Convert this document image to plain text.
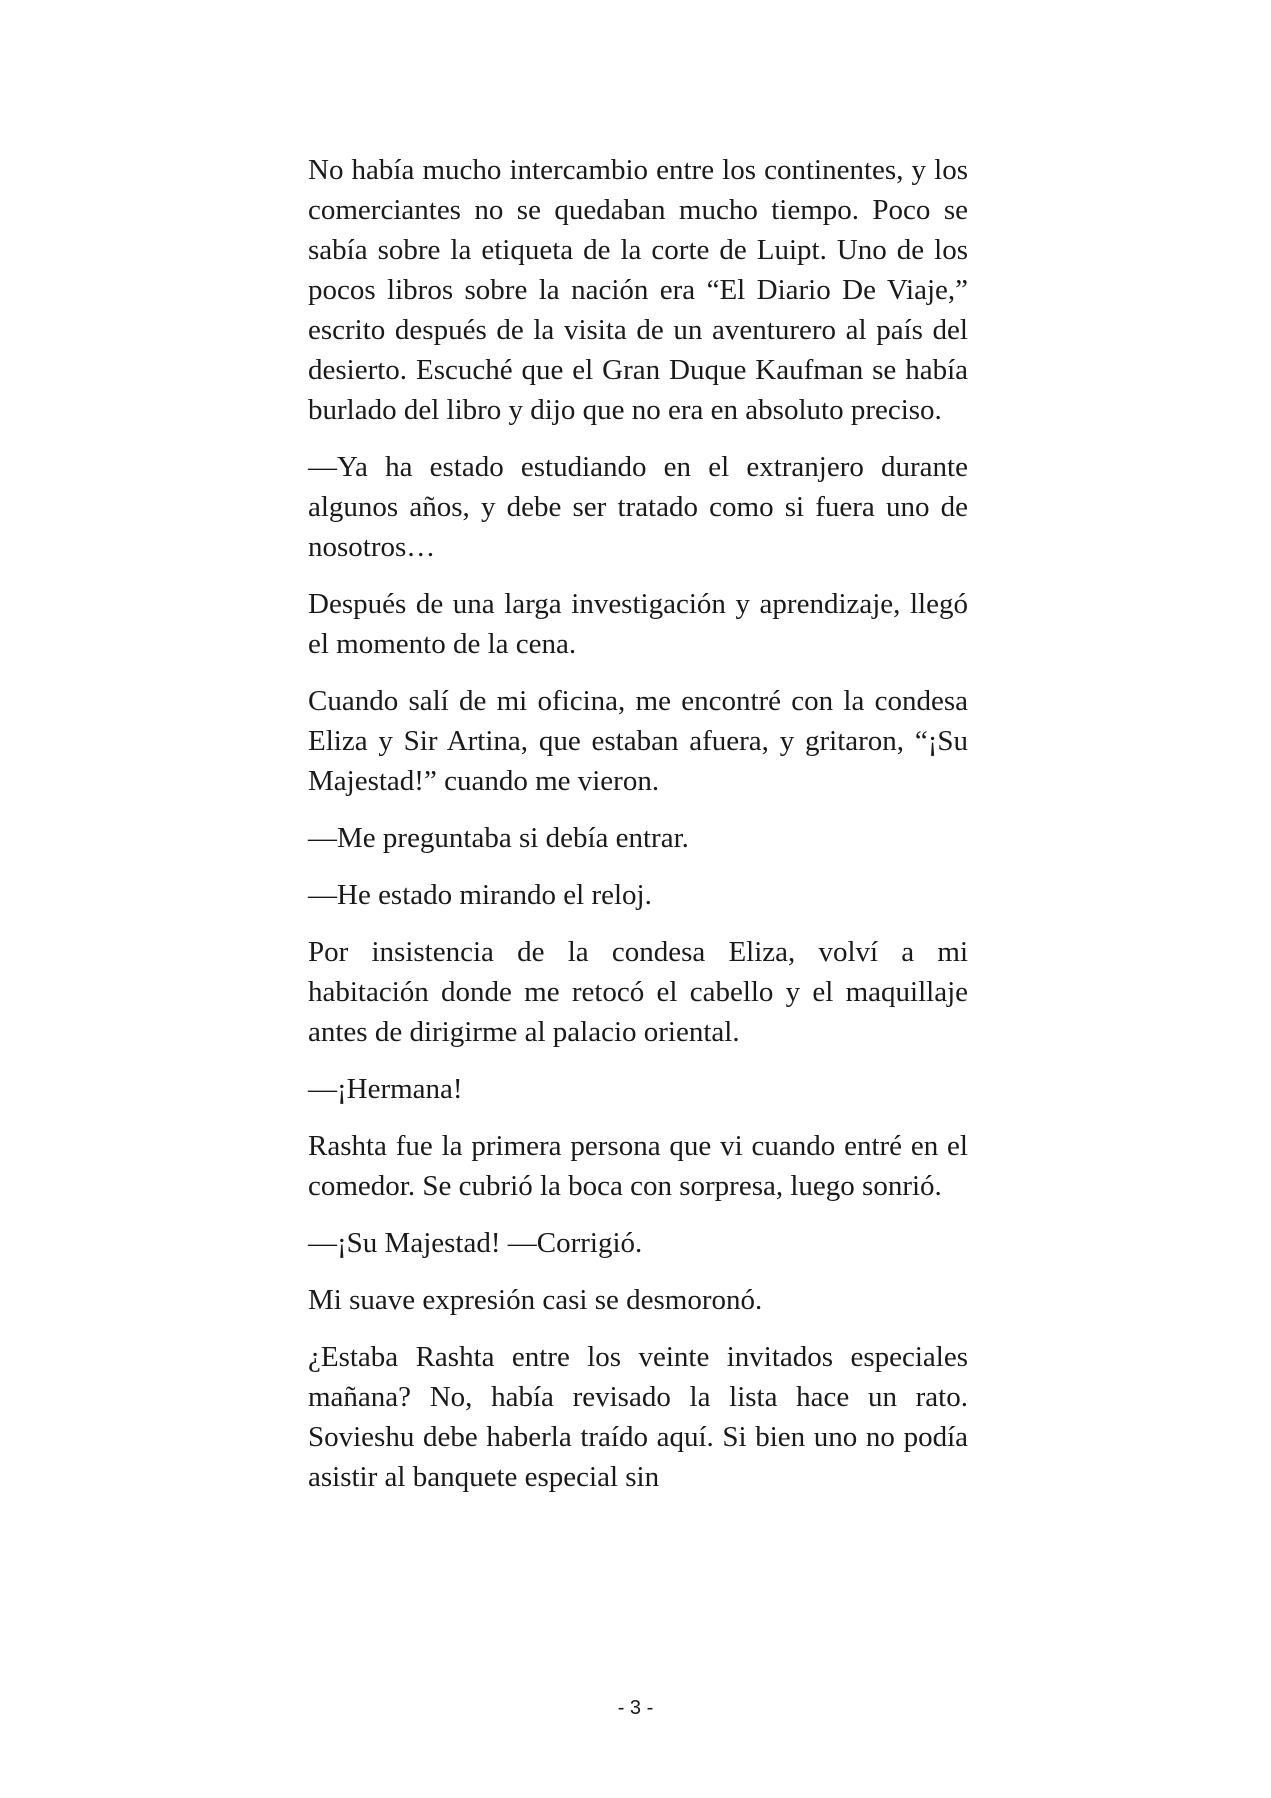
No había mucho intercambio entre los continentes, y los comerciantes no se quedaban mucho tiempo. Poco se sabía sobre la etiqueta de la corte de Luipt. Uno de los pocos libros sobre la nación era “El Diario De Viaje,” escrito después de la visita de un aventurero al país del desierto. Escuché que el Gran Duque Kaufman se había burlado del libro y dijo que no era en absoluto preciso.

—Ya ha estado estudiando en el extranjero durante algunos años, y debe ser tratado como si fuera uno de nosotros…

Después de una larga investigación y aprendizaje, llegó el momento de la cena.

Cuando salí de mi oficina, me encontré con la condesa Eliza y Sir Artina, que estaban afuera, y gritaron, “¡Su Majestad!” cuando me vieron.

—Me preguntaba si debía entrar.

—He estado mirando el reloj.

Por insistencia de la condesa Eliza, volví a mi habitación donde me retocó el cabello y el maquillaje antes de dirigirme al palacio oriental.

—¡Hermana!

Rashta fue la primera persona que vi cuando entré en el comedor. Se cubrió la boca con sorpresa, luego sonrió.

—¡Su Majestad! —Corrigió.

Mi suave expresión casi se desmoronó.

¿Estaba Rashta entre los veinte invitados especiales mañana? No, había revisado la lista hace un rato. Sovieshu debe haberla traído aquí. Si bien uno no podía asistir al banquete especial sin

- 3 -
